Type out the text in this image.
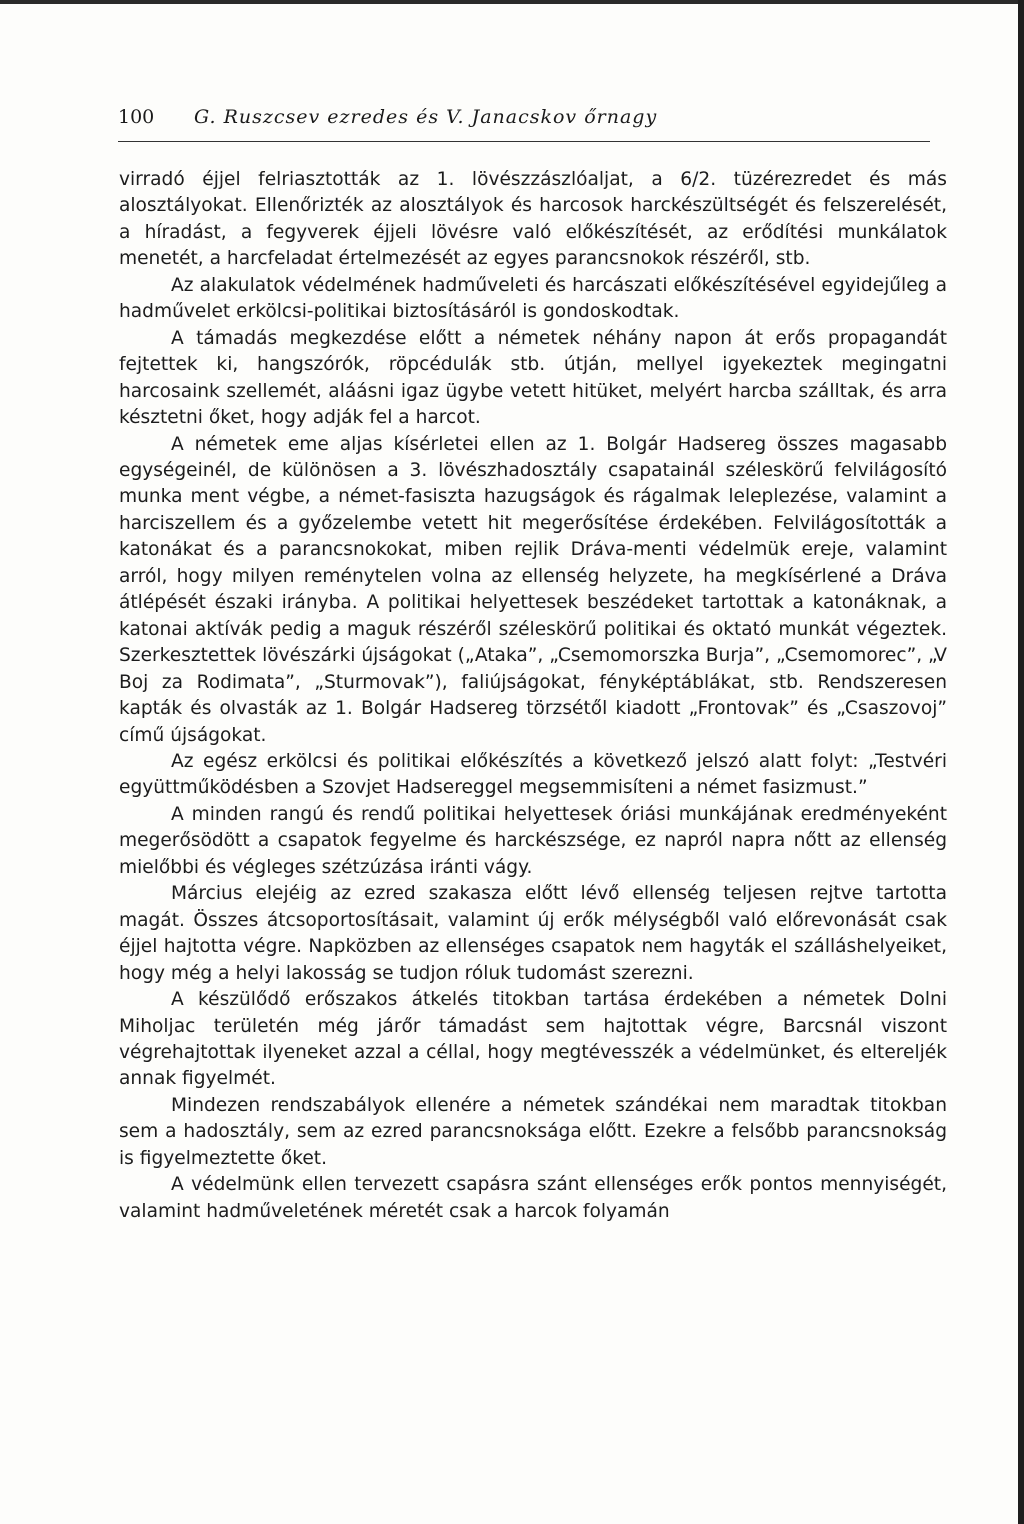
100 G. Ruszcsev ezredes és V. Janacskov őrnagy

virradó éjjel felriasztották az 1. lövészzászlóaljat, a 6/2. tüzérezredet és más alosztályokat. Ellenőrizték az alosztályok és harcosok harckészültségét és felszerelését, a híradást, a fegyverek éjjeli lövésre való előkészítését, az erődítési munkálatok menetét, a harcfeladat értelmezését az egyes parancsnokok részéről, stb.

Az alakulatok védelmének hadműveleti és harcászati előkészítésével egyidejűleg a hadművelet erkölcsi-politikai biztosításáról is gondoskodtak.

A támadás megkezdése előtt a németek néhány napon át erős propagandát fejtettek ki, hangszórók, röpcédulák stb. útján, mellyel igyekeztek megingatni harcosaink szellemét, aláásni igaz ügybe vetett hitüket, melyért harcba szálltak, és arra késztetni őket, hogy adják fel a harcot.

A németek eme aljas kísérletei ellen az 1. Bolgár Hadsereg összes magasabb egységeinél, de különösen a 3. lövészhadosztály csapatainál széleskörű felvilágosító munka ment végbe, a német-fasiszta hazugságok és rágalmak leleplezése, valamint a harciszellem és a győzelembe vetett hit megerősítése érdekében. Felvilágosították a katonákat és a parancsnokokat, miben rejlik Dráva-menti védelmük ereje, valamint arról, hogy milyen reménytelen volna az ellenség helyzete, ha megkísérlené a Dráva átlépését északi irányba. A politikai helyettesek beszédeket tartottak a katonáknak, a katonai aktívák pedig a maguk részéről széleskörű politikai és oktató munkát végeztek. Szerkesztettek lövészárki újságokat („Ataka”, „Csemomorszka Burja”, „Csemomorec”, „V Boj za Rodimata”, „Sturmovak”), faliújságokat, fényképtáblákat, stb. Rendszeresen kapták és olvasták az 1. Bolgár Hadsereg törzsétől kiadott „Frontovak” és „Csaszovoj” című újságokat.

Az egész erkölcsi és politikai előkészítés a következő jelszó alatt folyt: „Testvéri együttműködésben a Szovjet Hadsereggel megsemmisíteni a német fasizmust.”

A minden rangú és rendű politikai helyettesek óriási munkájának eredményeként megerősödött a csapatok fegyelme és harckészsége, ez napról napra nőtt az ellenség mielőbbi és végleges szétzúzása iránti vágy.

Március elejéig az ezred szakasza előtt lévő ellenség teljesen rejtve tartotta magát. Összes átcsoportosításait, valamint új erők mélységből való előrevonását csak éjjel hajtotta végre. Napközben az ellenséges csapatok nem hagyták el szálláshelyeiket, hogy még a helyi lakosság se tudjon róluk tudomást szerezni.

A készülődő erőszakos átkelés titokban tartása érdekében a németek Dolni Miholjac területén még járőr támadást sem hajtottak végre, Barcsnál viszont végrehajtottak ilyeneket azzal a céllal, hogy megtévesszék a védelmünket, és eltereljék annak figyelmét.

Mindezen rendszabályok ellenére a németek szándékai nem maradtak titokban sem a hadosztály, sem az ezred parancsnoksága előtt. Ezekre a felsőbb parancsnokság is figyelmeztette őket.

A védelmünk ellen tervezett csapásra szánt ellenséges erők pontos mennyiségét, valamint hadműveletének méretét csak a harcok folyamán
